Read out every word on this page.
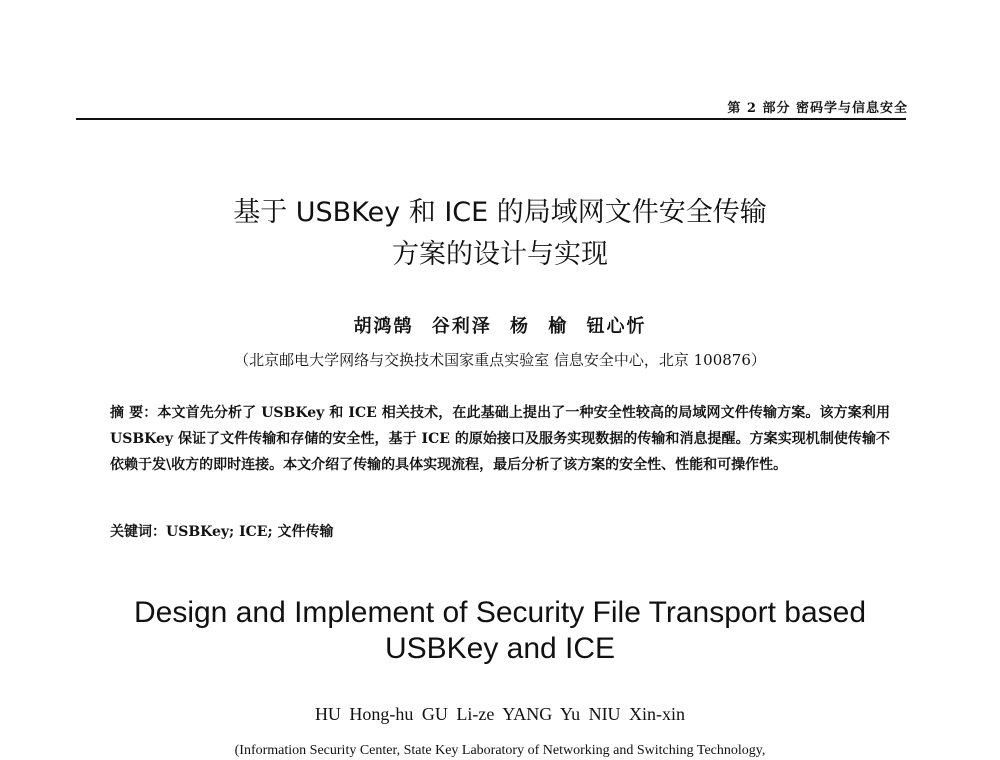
第 2 部分 密码学与信息安全
基于 USBKey 和 ICE 的局域网文件安全传输
方案的设计与实现
胡鸿鹄 谷利泽 杨 榆 钮心忻
（北京邮电大学网络与交换技术国家重点实验室 信息安全中心，北京 100876）
摘 要：本文首先分析了 USBKey 和 ICE 相关技术，在此基础上提出了一种安全性较高的局域网文件传输方案。该方案利用 USBKey 保证了文件传输和存储的安全性，基于 ICE 的原始接口及服务实现数据的传输和消息提醒。方案实现机制使传输不依赖于发\收方的即时连接。本文介绍了传输的具体实现流程，最后分析了该方案的安全性、性能和可操作性。
关键词：USBKey; ICE; 文件传输
Design and Implement of Security File Transport based
USBKey and ICE
HU Hong-hu GU Li-ze YANG Yu NIU Xin-xin
(Information Security Center, State Key Laboratory of Networking and Switching Technology,
